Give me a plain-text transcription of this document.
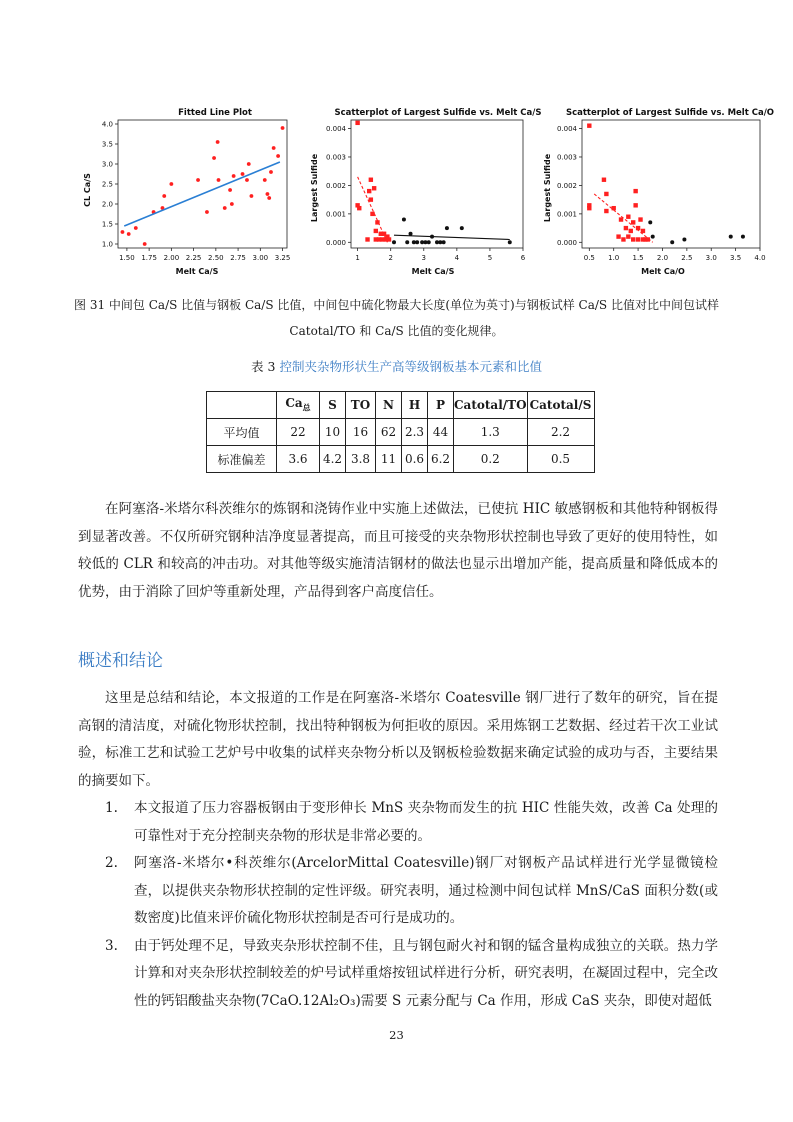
Fitted Line Plot
Melt Ca/S
CL Ca/S
1.50 1.75 2.00 2.25 2.50 2.75 3.00 3.25
1.0
1.5
2.0
2.5
3.0
3.5
4.0
Scatterplot of Largest Sulfide vs. Melt Ca/S
Melt Ca/S
Largest Sulfide
1	2	3	4	5	6
0.000
0.001
0.002
0.003
0.004
Scatterplot of Largest Sulfide vs. Melt Ca/O
Melt Ca/O
Largest Sulfide
0.5 1.0 1.5 2.0 2.5 3.0 3.5 4.0
0.000
0.001
0.002
0.003
0.004
图 31 中间包 Ca/S 比值与钢板 Ca/S 比值，中间包中硫化物最大长度(单位为英寸)与钢板试样 Ca/S 比值对比中间包试样
Catotal/TO 和 Ca/S 比值的变化规律。
表 3 控制夹杂物形状生产高等级钢板基本元素和比值
	$Ca_总$	S	TO	N	H	P	Catotal/TO	Catotal/S
平均值	22	10	16	62	2.3	44	1.3	2.2
标准偏差	3.6	4.2	3.8	11	0.6	6.2	0.2	0.5

在阿塞洛-米塔尔科茨维尔的炼钢和浇铸作业中实施上述做法，已使抗 HIC 敏感钢板和其他特种钢板得到显著改善。不仅所研究钢种洁净度显著提高，而且可接受的夹杂物形状控制也导致了更好的使用特性，如较低的 CLR 和较高的冲击功。对其他等级实施清洁钢材的做法也显示出增加产能，提高质量和降低成本的优势，由于消除了回炉等重新处理，产品得到客户高度信任。

概述和结论

这里是总结和结论，本文报道的工作是在阿塞洛-米塔尔 Coatesville 钢厂进行了数年的研究，旨在提高钢的清洁度，对硫化物形状控制，找出特种钢板为何拒收的原因。采用炼钢工艺数据、经过若干次工业试验，标准工艺和试验工艺炉号中收集的试样夹杂物分析以及钢板检验数据来确定试验的成功与否，主要结果的摘要如下。

1. 本文报道了压力容器板钢由于变形伸长 MnS 夹杂物而发生的抗 HIC 性能失效，改善 Ca 处理的可靠性对于充分控制夹杂物的形状是非常必要的。
2. 阿塞洛-米塔尔•科茨维尔(ArcelorMittal Coatesville)钢厂对钢板产品试样进行光学显微镜检查，以提供夹杂物形状控制的定性评级。研究表明，通过检测中间包试样 MnS/CaS 面积分数(或数密度)比值来评价硫化物形状控制是否可行是成功的。
3. 由于钙处理不足，导致夹杂形状控制不佳，且与钢包耐火衬和钢的锰含量构成独立的关联。热力学计算和对夹杂形状控制较差的炉号试样重熔按钮试样进行分析，研究表明，在凝固过程中，完全改性的钙铝酸盐夹杂物(7CaO.12Al₂O₃)需要 S 元素分配与 Ca 作用，形成 CaS 夹杂，即使对超低
23
